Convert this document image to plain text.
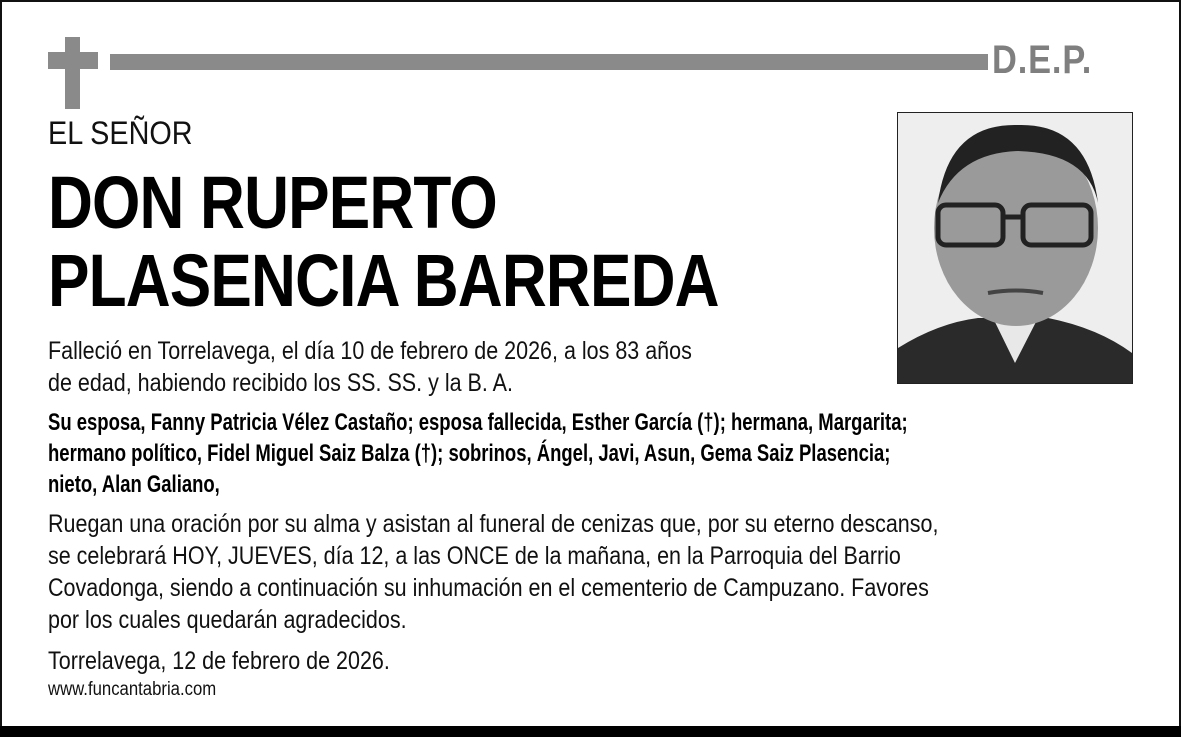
D.E.P.
EL SEÑOR
DON RUPERTO
PLASENCIA BARREDA
Falleció en Torrelavega, el día 10 de febrero de 2026, a los 83 años
de edad, habiendo recibido los SS. SS. y la B. A.
Su esposa, Fanny Patricia Vélez Castaño; esposa fallecida, Esther García (†); hermana, Margarita;
hermano político, Fidel Miguel Saiz Balza (†); sobrinos, Ángel, Javi, Asun, Gema Saiz Plasencia;
nieto, Alan Galiano,
Ruegan una oración por su alma y asistan al funeral de cenizas que, por su eterno descanso,
se celebrará HOY, JUEVES, día 12, a las ONCE de la mañana, en la Parroquia del Barrio
Covadonga, siendo a continuación su inhumación en el cementerio de Campuzano. Favores
por los cuales quedarán agradecidos.
Torrelavega, 12 de febrero de 2026.
www.funcantabria.com
